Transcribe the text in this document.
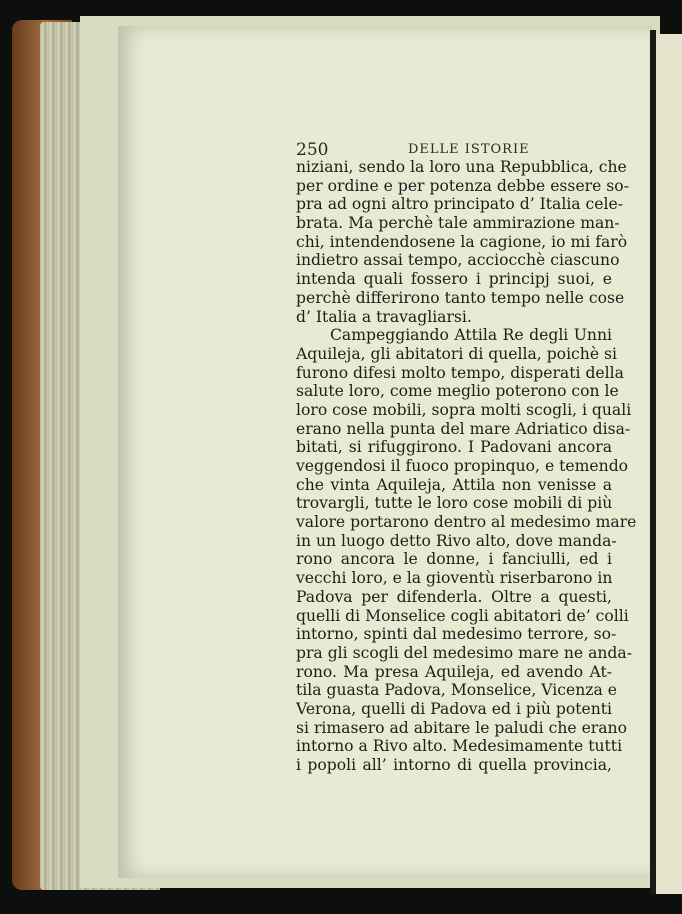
250	DELLE ISTORIE
niziani, sendo la loro una Repubblica, che
per ordine e per potenza debbe essere so-
pra ad ogni altro principato d’ Italia cele-
brata. Ma perchè tale ammirazione man-
chi, intendendosene la cagione, io mi farò
indietro assai tempo, acciocchè ciascuno
intenda quali fossero i principj suoi, e
perchè differirono tanto tempo nelle cose
d’ Italia a travagliarsi.
Campeggiando Attila Re degli Unni
Aquileja, gli abitatori di quella, poichè si
furono difesi molto tempo, disperati della
salute loro, come meglio poterono con le
loro cose mobili, sopra molti scogli, i quali
erano nella punta del mare Adriatico disa-
bitati, si rifuggirono. I Padovani ancora
veggendosi il fuoco propinquo, e temendo
che vinta Aquileja, Attila non venisse a
trovargli, tutte le loro cose mobili di più
valore portarono dentro al medesimo mare
in un luogo detto Rivo alto, dove manda-
rono ancora le donne, i fanciulli, ed i
vecchi loro, e la gioventù riserbarono in
Padova per difenderla. Oltre a questi,
quelli di Monselice cogli abitatori de’ colli
intorno, spinti dal medesimo terrore, so-
pra gli scogli del medesimo mare ne anda-
rono. Ma presa Aquileja, ed avendo At-
tila guasta Padova, Monselice, Vicenza e
Verona, quelli di Padova ed i più potenti
si rimasero ad abitare le paludi che erano
intorno a Rivo alto. Medesimamente tutti
i popoli all’ intorno di quella provincia,
